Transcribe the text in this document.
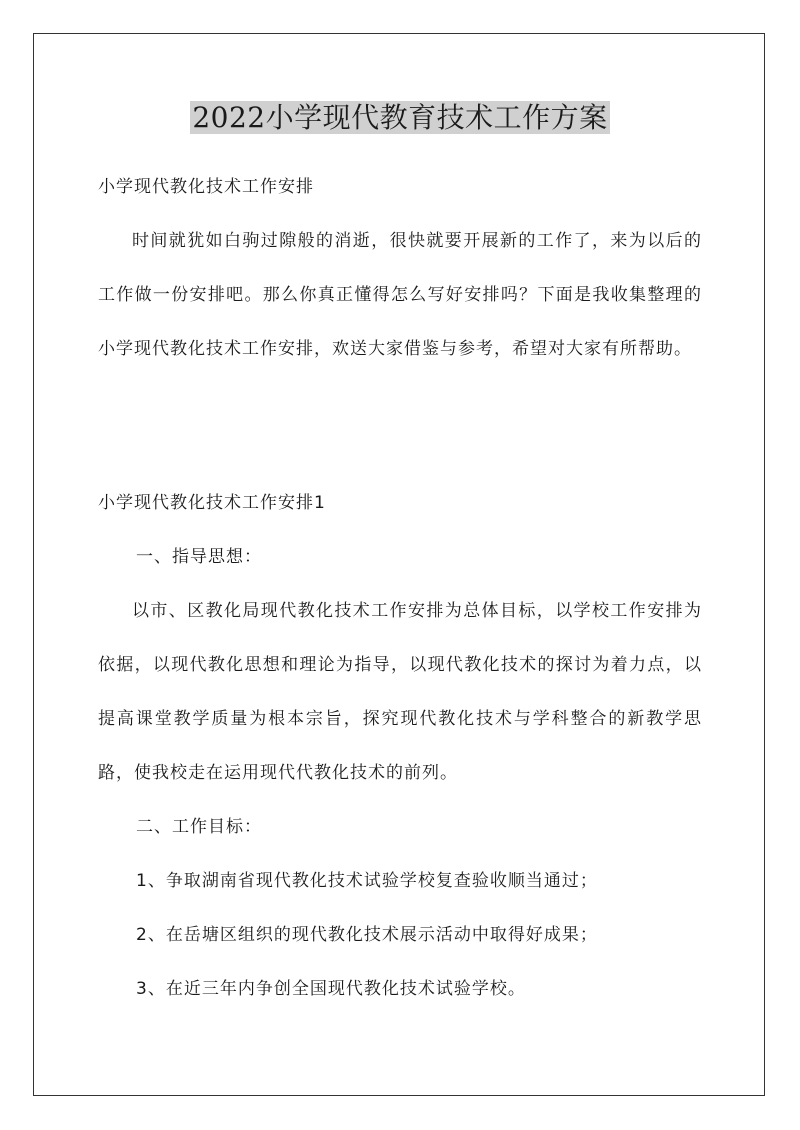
2022小学现代教育技术工作方案

小学现代教化技术工作安排

时间就犹如白驹过隙般的消逝，很快就要开展新的工作了，来为以后的工作做一份安排吧。那么你真正懂得怎么写好安排吗？下面是我收集整理的小学现代教化技术工作安排，欢送大家借鉴与参考，希望对大家有所帮助。

小学现代教化技术工作安排1

一、指导思想：

以市、区教化局现代教化技术工作安排为总体目标，以学校工作安排为依据，以现代教化思想和理论为指导，以现代教化技术的探讨为着力点，以提高课堂教学质量为根本宗旨，探究现代教化技术与学科整合的新教学思路，使我校走在运用现代代教化技术的前列。

二、工作目标：

1、争取湖南省现代教化技术试验学校复查验收顺当通过；

2、在岳塘区组织的现代教化技术展示活动中取得好成果；

3、在近三年内争创全国现代教化技术试验学校。
